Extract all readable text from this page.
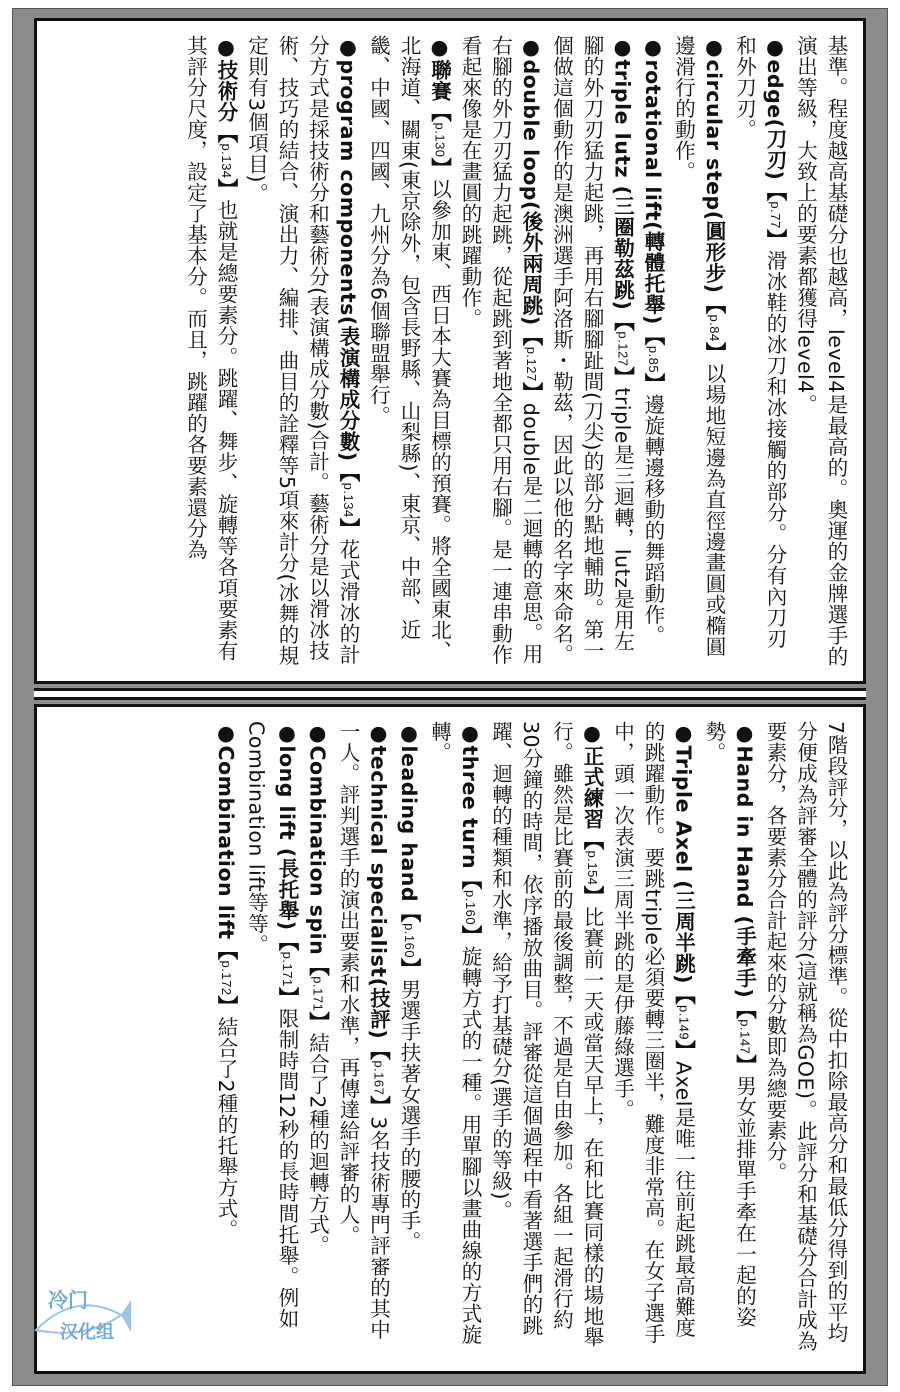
基準。程度越高基礎分也越高，level4是最高的。奧運的金牌選手的演出等級，大致上的要素都獲得level4。

●edge(刀刃)【p.77】滑冰鞋的冰刀和冰接觸的部分。分有內刀刃和外刀刃。

●circular step(圓形步)【p.84】以場地短邊為直徑邊畫圓或橢圓邊滑行的動作。

●rotational lift(轉體托舉)【p.85】邊旋轉邊移動的舞蹈動作。

●triple lutz (三圈勒茲跳)【p.127】triple是三迴轉，lutz是用左腳的外刀刃猛力起跳，再用右腳腳趾間(刀尖)的部分點地輔助。第一個做這個動作的是澳洲選手阿洛斯・勒茲，因此以他的名字來命名。

●double loop(後外兩周跳)【p.127】double是二迴轉的意思。用右腳的外刀刃猛力起跳，從起跳到著地全都只用右腳。是一連串動作看起來像是在畫圓的跳躍動作。

●聯賽【p.130】以參加東、西日本大賽為目標的預賽。將全國東北、北海道、關東(東京除外，包含長野縣、山梨縣)、東京、中部、近畿、中國、四國、九州分為6個聯盟舉行。

●program components(表演構成分數)【p.134】花式滑冰的計分方式是採技術分和藝術分(表演構成分數)合計。藝術分是以滑冰技術、技巧的結合、演出力、編排、曲目的詮釋等5項來計分(冰舞的規定則有3個項目)。

●技術分【p.134】也就是總要素分。跳躍、舞步、旋轉等各項要素有其評分尺度，設定了基本分。而且，跳躍的各要素還分為

7階段評分，以此為評分標準。從中扣除最高分和最低分得到的平均分便成為評審全體的評分(這就稱為GOE)。此評分和基礎分合計成為要素分，各要素分合計起來的分數即為總要素分。

●Hand in Hand (手牽手)【p.147】男女並排單手牽在一起的姿勢。

●Triple Axel (三周半跳)【p.149】Axel是唯一往前起跳最高難度的跳躍動作。要跳triple必須要轉三圈半，難度非常高。在女子選手中，頭一次表演三周半跳的是伊藤綠選手。

●正式練習【p.154】比賽前一天或當天早上，在和比賽同樣的場地舉行。雖然是比賽前的最後調整，不過是自由參加。各組一起滑行約30分鐘的時間，依序播放曲目。評審從這個過程中看著選手們的跳躍、迴轉的種類和水準，給予打基礎分(選手的等級)。

●three turn【p.160】旋轉方式的一種。用單腳以畫曲線的方式旋轉。

●leading hand【p.160】男選手扶著女選手的腰的手。

●technical specialist(技評)【p.167】3名技術專門評審的其中一人。評判選手的演出要素和水準，再傳達給評審的人。

●Combination spin【p.171】結合了2種的迴轉方式。

●long lift (長托舉)【p.171】限制時間12秒的長時間托舉。例如Combination lift等等。

●Combination lift【p.172】結合了2種的托舉方式。

冷门
汉化组
